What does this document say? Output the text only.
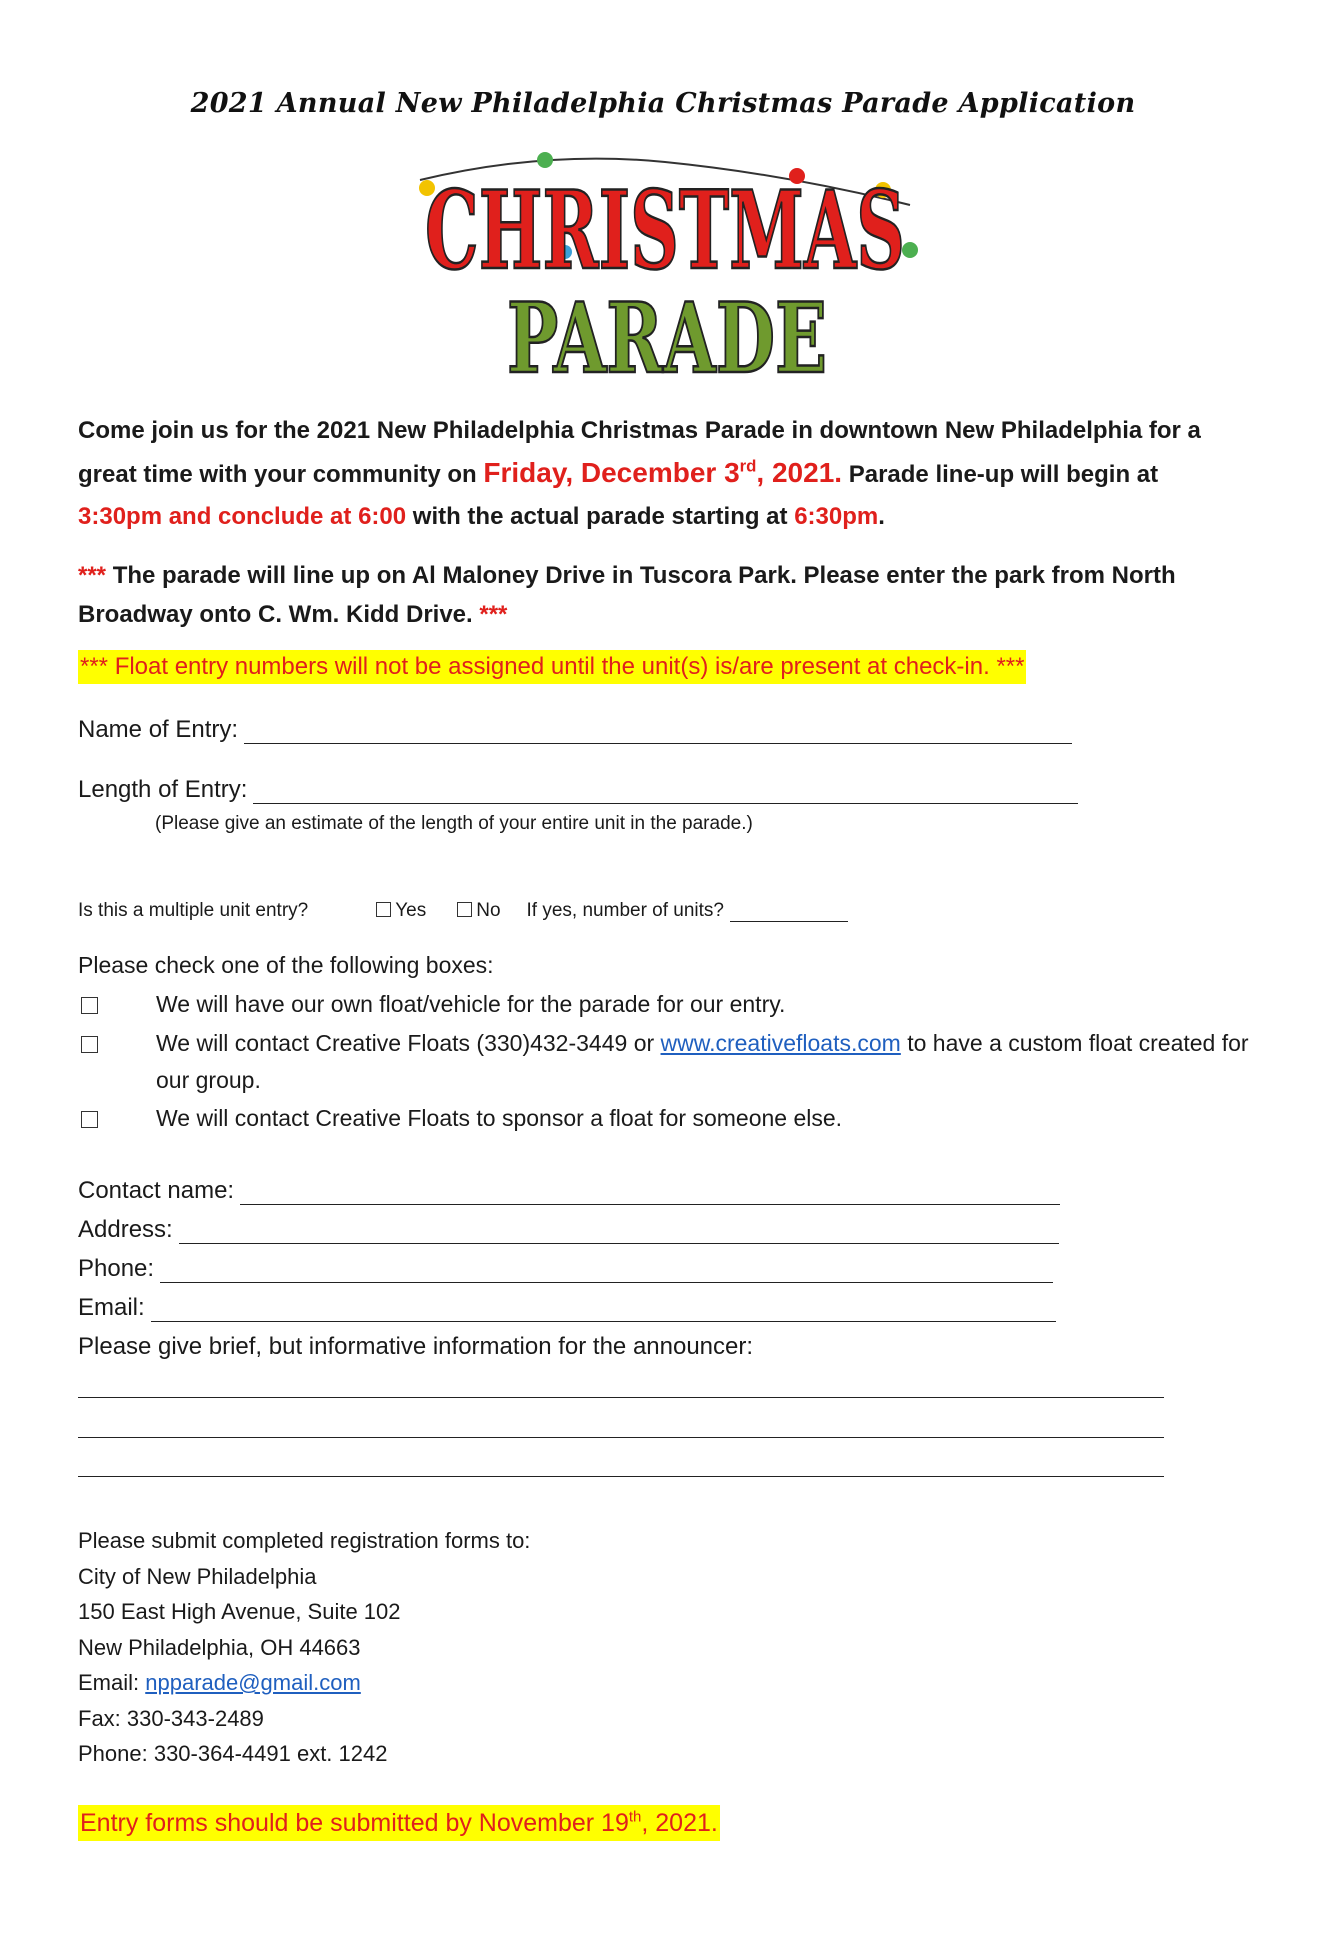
2021 Annual New Philadelphia Christmas Parade Application
CHRISTMAS
PARADE
Come join us for the 2021 New Philadelphia Christmas Parade in downtown New Philadelphia for a great time with your community on Friday, December 3rd, 2021. Parade line-up will begin at 3:30pm and conclude at 6:00 with the actual parade starting at 6:30pm.
*** The parade will line up on Al Maloney Drive in Tuscora Park. Please enter the park from North Broadway onto C. Wm. Kidd Drive. ***
*** Float entry numbers will not be assigned until the unit(s) is/are present at check-in. ***
Name of Entry:
Length of Entry:
(Please give an estimate of the length of your entire unit in the parade.)
Is this a multiple unit entry?	Yes	No If yes, number of units?
Please check one of the following boxes:
We will have our own float/vehicle for the parade for our entry.
We will contact Creative Floats (330)432-3449 or www.creativefloats.com to have a custom float created for our group.
We will contact Creative Floats to sponsor a float for someone else.
Contact name:
Address:
Phone:
Email:
Please give brief, but informative information for the announcer:
Please submit completed registration forms to:
City of New Philadelphia
150 East High Avenue, Suite 102
New Philadelphia, OH 44663
Email: npparade@gmail.com
Fax: 330-343-2489
Phone: 330-364-4491 ext. 1242
Entry forms should be submitted by November 19th, 2021.
